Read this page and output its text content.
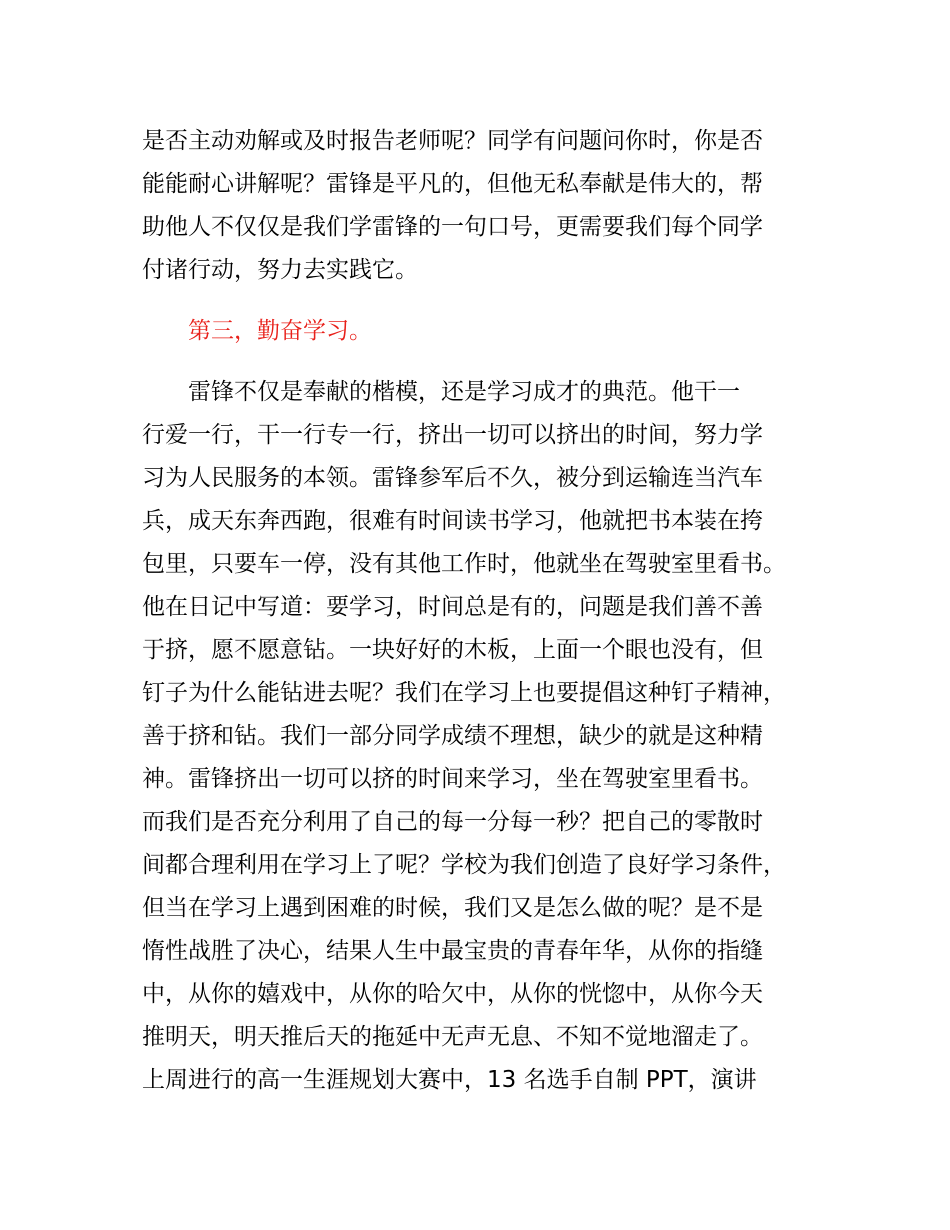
是否主动劝解或及时报告老师呢？同学有问题问你时，你是否
能能耐心讲解呢？雷锋是平凡的，但他无私奉献是伟大的，帮
助他人不仅仅是我们学雷锋的一句口号，更需要我们每个同学
付诸行动，努力去实践它。
第三，勤奋学习。
雷锋不仅是奉献的楷模，还是学习成才的典范。他干一
行爱一行，干一行专一行，挤出一切可以挤出的时间，努力学
习为人民服务的本领。雷锋参军后不久，被分到运输连当汽车
兵，成天东奔西跑，很难有时间读书学习，他就把书本装在挎
包里，只要车一停，没有其他工作时，他就坐在驾驶室里看书。
他在日记中写道：要学习，时间总是有的，问题是我们善不善
于挤，愿不愿意钻。一块好好的木板，上面一个眼也没有，但
钉子为什么能钻进去呢？我们在学习上也要提倡这种钉子精神，
善于挤和钻。我们一部分同学成绩不理想，缺少的就是这种精
神。雷锋挤出一切可以挤的时间来学习，坐在驾驶室里看书。
而我们是否充分利用了自己的每一分每一秒？把自己的零散时
间都合理利用在学习上了呢？学校为我们创造了良好学习条件，
但当在学习上遇到困难的时候，我们又是怎么做的呢？是不是
惰性战胜了决心，结果人生中最宝贵的青春年华，从你的指缝
中，从你的嬉戏中，从你的哈欠中，从你的恍惚中，从你今天
推明天，明天推后天的拖延中无声无息、不知不觉地溜走了。
上周进行的高一生涯规划大赛中，13 名选手自制 PPT，演讲
